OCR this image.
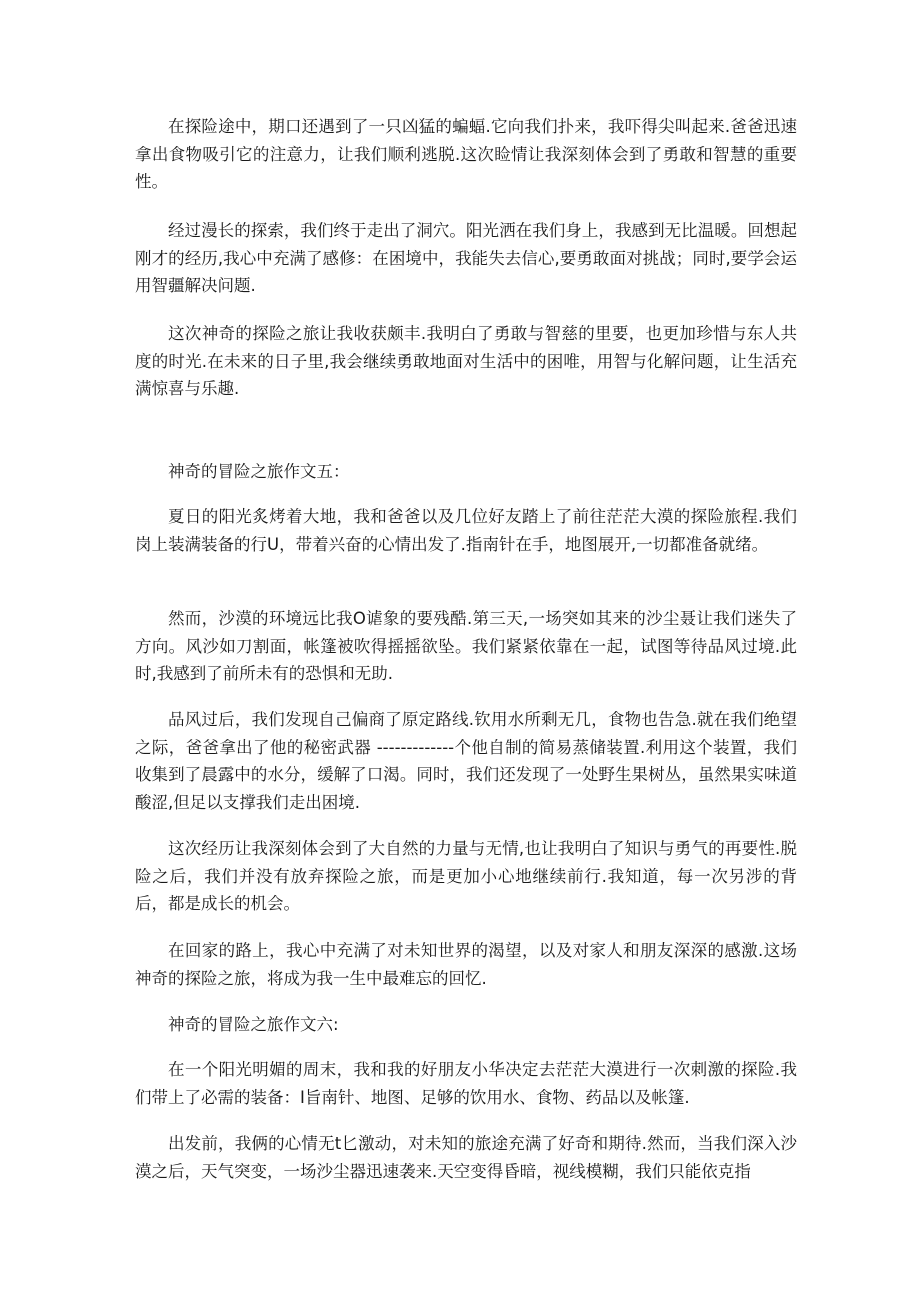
在探险途中，期口还遇到了一只凶猛的蝙蝠.它向我们扑来，我吓得尖叫起来.爸爸迅速拿出食物吸引它的注意力，让我们顺利逃脱.这次睑情让我深刻体会到了勇敢和智慧的重要性。

经过漫长的探索，我们终于走出了洞穴。阳光洒在我们身上，我感到无比温暖。回想起刚才的经历,我心中充满了感修：在困境中，我能失去信心,要勇敢面对挑战；同时,要学会运用智疆解决问题.

这次神奇的探险之旅让我收获颇丰.我明白了勇敢与智慈的里要，也更加珍惜与东人共度的时光.在未来的日子里,我会继续勇敢地面对生活中的困唯，用智与化解问题，让生活充满惊喜与乐趣.

神奇的冒险之旅作文五：

夏日的阳光炙烤着大地，我和爸爸以及几位好友踏上了前往茫茫大漠的探险旅程.我们岗上装满装备的行U，带着兴奋的心情出发了.指南针在手，地图展开,一切都准备就绪。

然而，沙漠的环境远比我O谑象的要残酷.第三天,一场突如其来的沙尘聂让我们迷失了方向。风沙如刀割面，帐篷被吹得摇摇欲坠。我们紧紧依靠在一起，试图等待品风过境.此时,我感到了前所未有的恐惧和无助.

品风过后，我们发现自己偏商了原定路线.钦用水所剩无几，食物也告急.就在我们绝望之际，爸爸拿出了他的秘密武器 -------------个他自制的简易蒸储装置.利用这个装置，我们收集到了晨露中的水分，缓解了口渴。同时，我们还发现了一处野生果树丛，虽然果实味道酸涩,但足以支撑我们走出困境.

这次经历让我深刻体会到了大自然的力量与无情,也让我明白了知识与勇气的再要性.脱险之后，我们并没有放弃探险之旅，而是更加小心地继续前行.我知道，每一次另涉的背后，都是成长的机会。

在回家的路上，我心中充满了对未知世界的渴望，以及对家人和朋友深深的感激.这场神奇的探险之旅，将成为我一生中最难忘的回忆.

神奇的冒险之旅作文六:

在一个阳光明媚的周末，我和我的好朋友小华决定去茫茫大漠进行一次刺激的探险.我们带上了必需的装备：I旨南针、地图、足够的饮用水、食物、药品以及帐篷.

出发前，我俩的心情无t匕激动，对未知的旅途充满了好奇和期待.然而，当我们深入沙漠之后，天气突变，一场沙尘器迅速袭来.天空变得昏暗，视线模糊，我们只能依克指
